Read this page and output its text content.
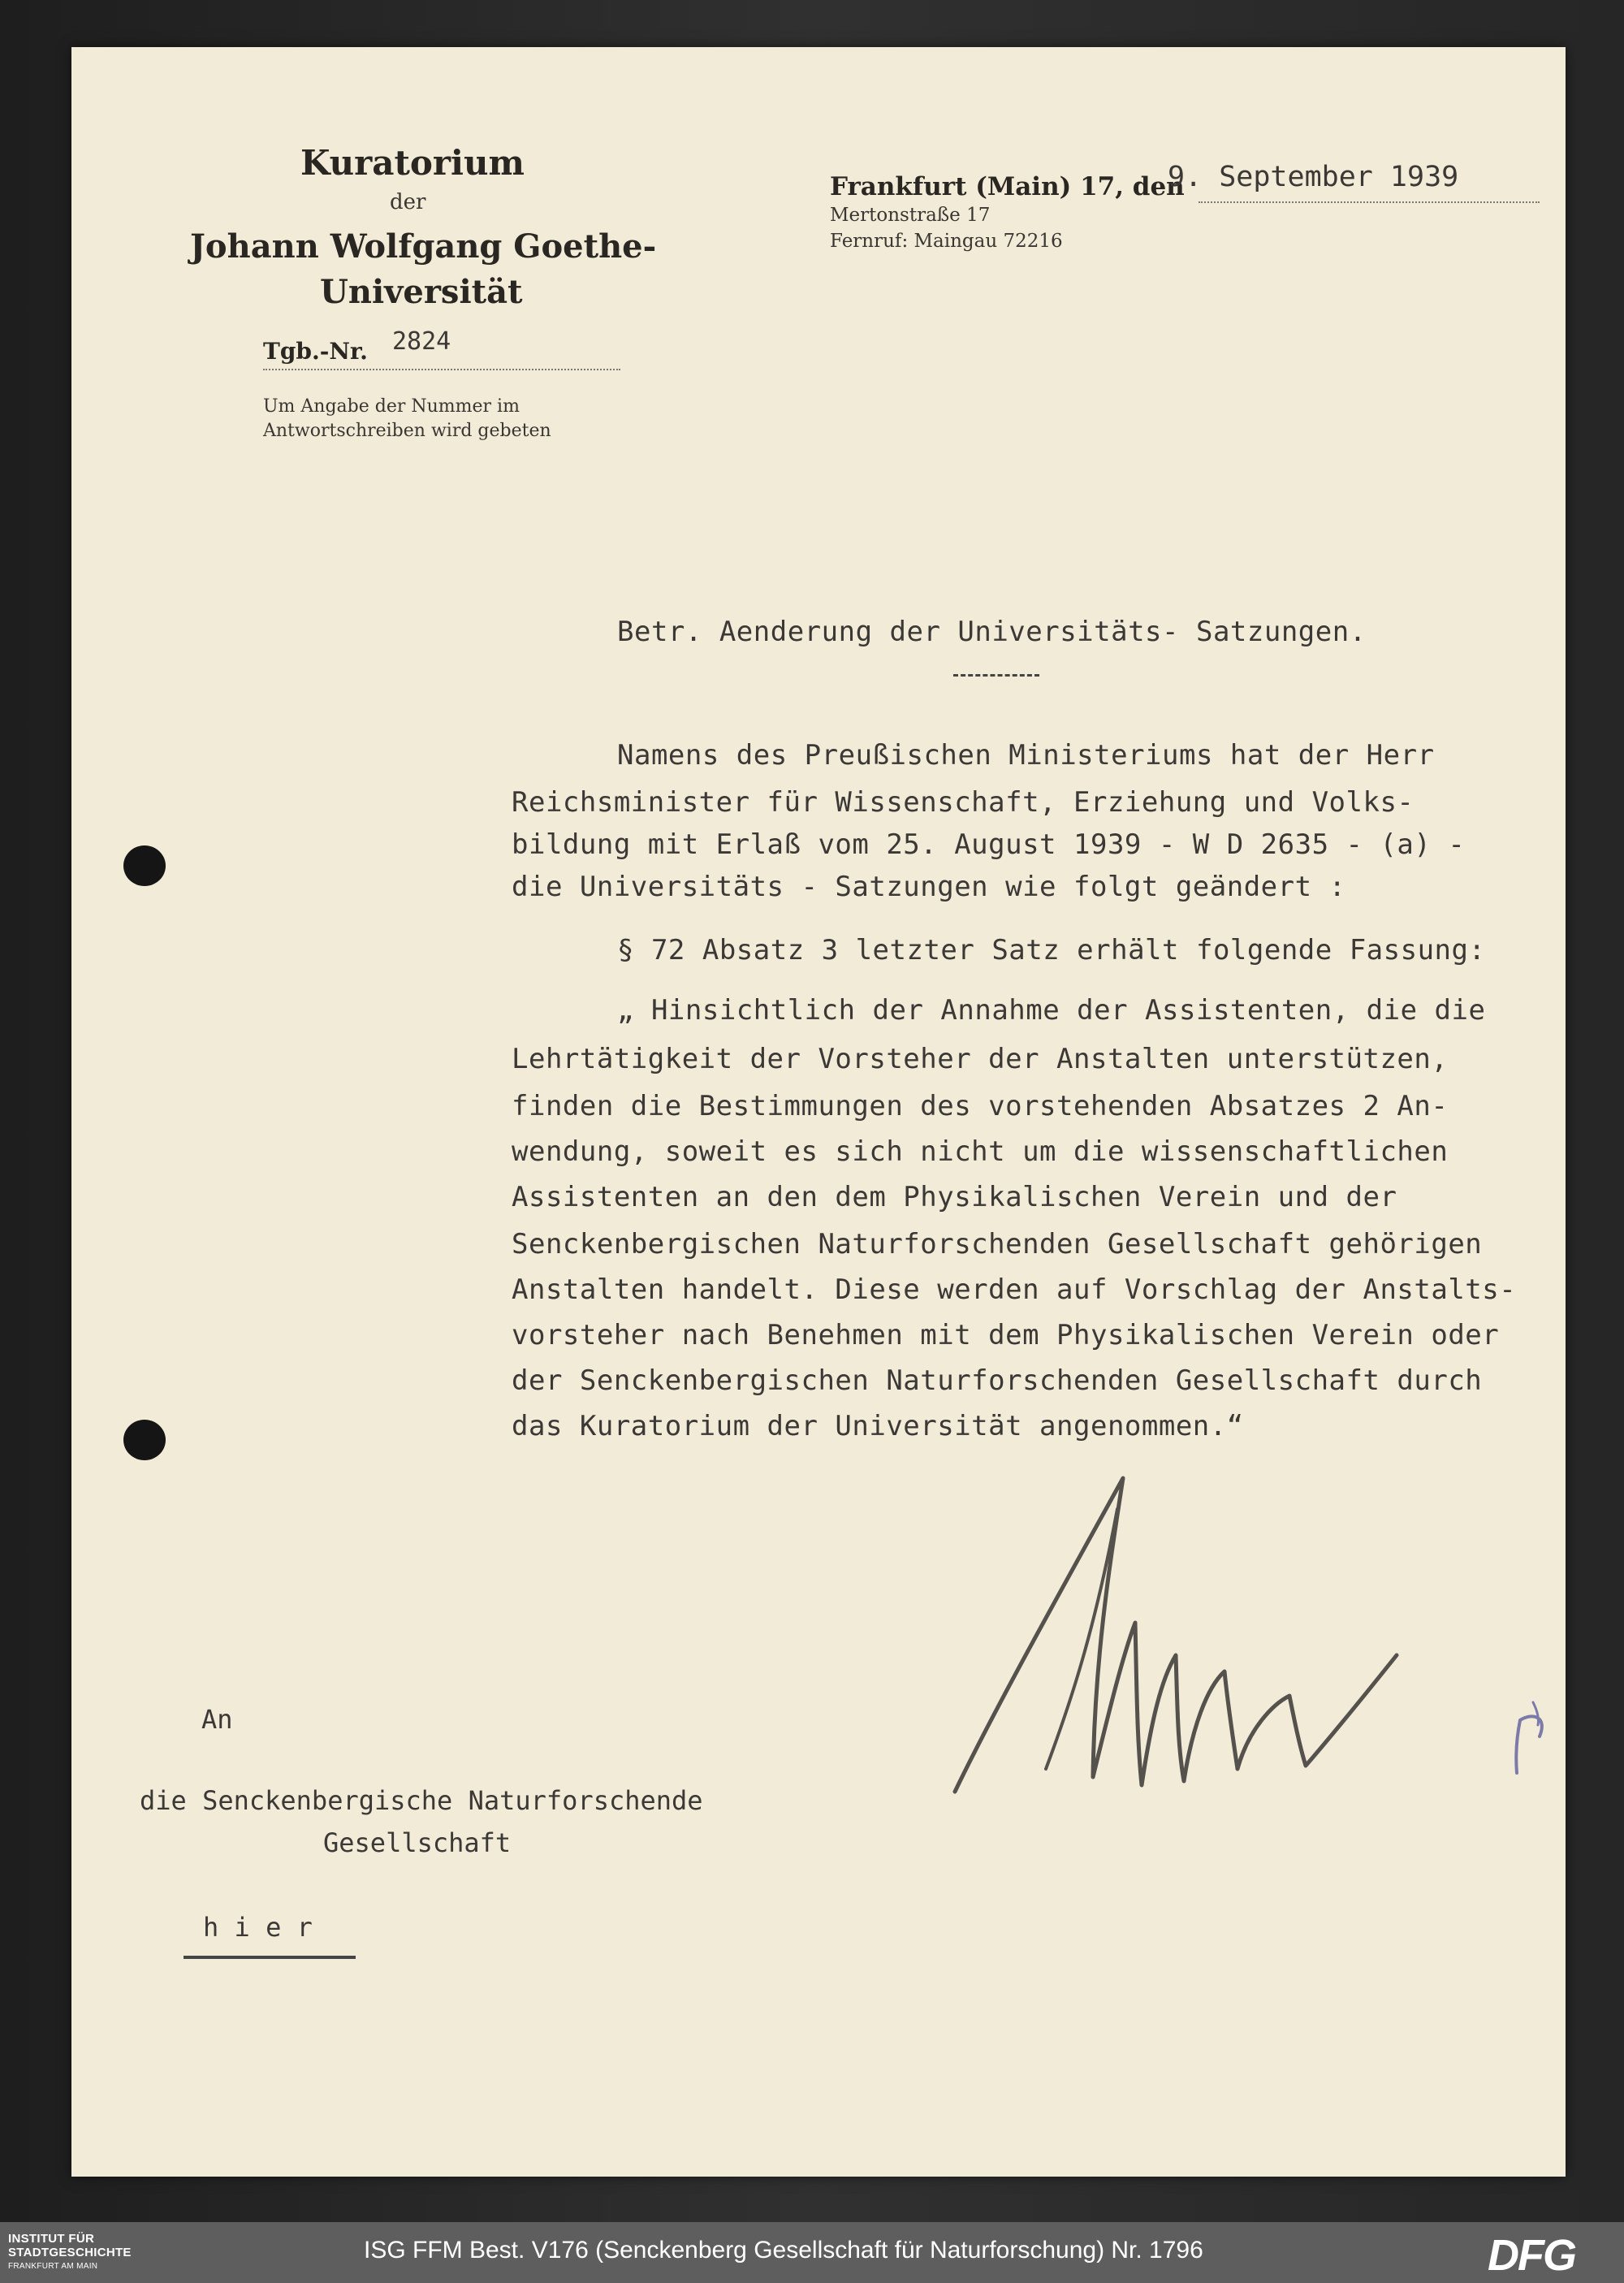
Kuratorium
der
Johann Wolfgang Goethe-
Universität
Tgb.-Nr. 2824
Um Angabe der Nummer im
Antwortschreiben wird gebeten
Frankfurt (Main) 17, den
9. September 1939
Mertonstraße 17
Fernruf: Maingau 72216
Betr. Aenderung der Universitäts- Satzungen.
Namens des Preußischen Ministeriums hat der Herr
Reichsminister für Wissenschaft, Erziehung und Volks-
bildung mit Erlaß vom 25. August 1939 - W D 2635 - (a) -
die Universitäts - Satzungen wie folgt geändert :
§ 72 Absatz 3 letzter Satz erhält folgende Fassung:
„ Hinsichtlich der Annahme der Assistenten, die die
Lehrtätigkeit der Vorsteher der Anstalten unterstützen,
finden die Bestimmungen des vorstehenden Absatzes 2 An-
wendung, soweit es sich nicht um die wissenschaftlichen
Assistenten an den dem Physikalischen Verein und der
Senckenbergischen Naturforschenden Gesellschaft gehörigen
Anstalten handelt. Diese werden auf Vorschlag der Anstalts-
vorsteher nach Benehmen mit dem Physikalischen Verein oder
der Senckenbergischen Naturforschenden Gesellschaft durch
das Kuratorium der Universität angenommen.“
An
die Senckenbergische Naturforschende
Gesellschaft
h i e r
INSTITUT FÜR
STADTGESCHICHTE
FRANKFURT AM MAIN
ISG FFM Best. V176 (Senckenberg Gesellschaft für Naturforschung) Nr. 1796	DFG
